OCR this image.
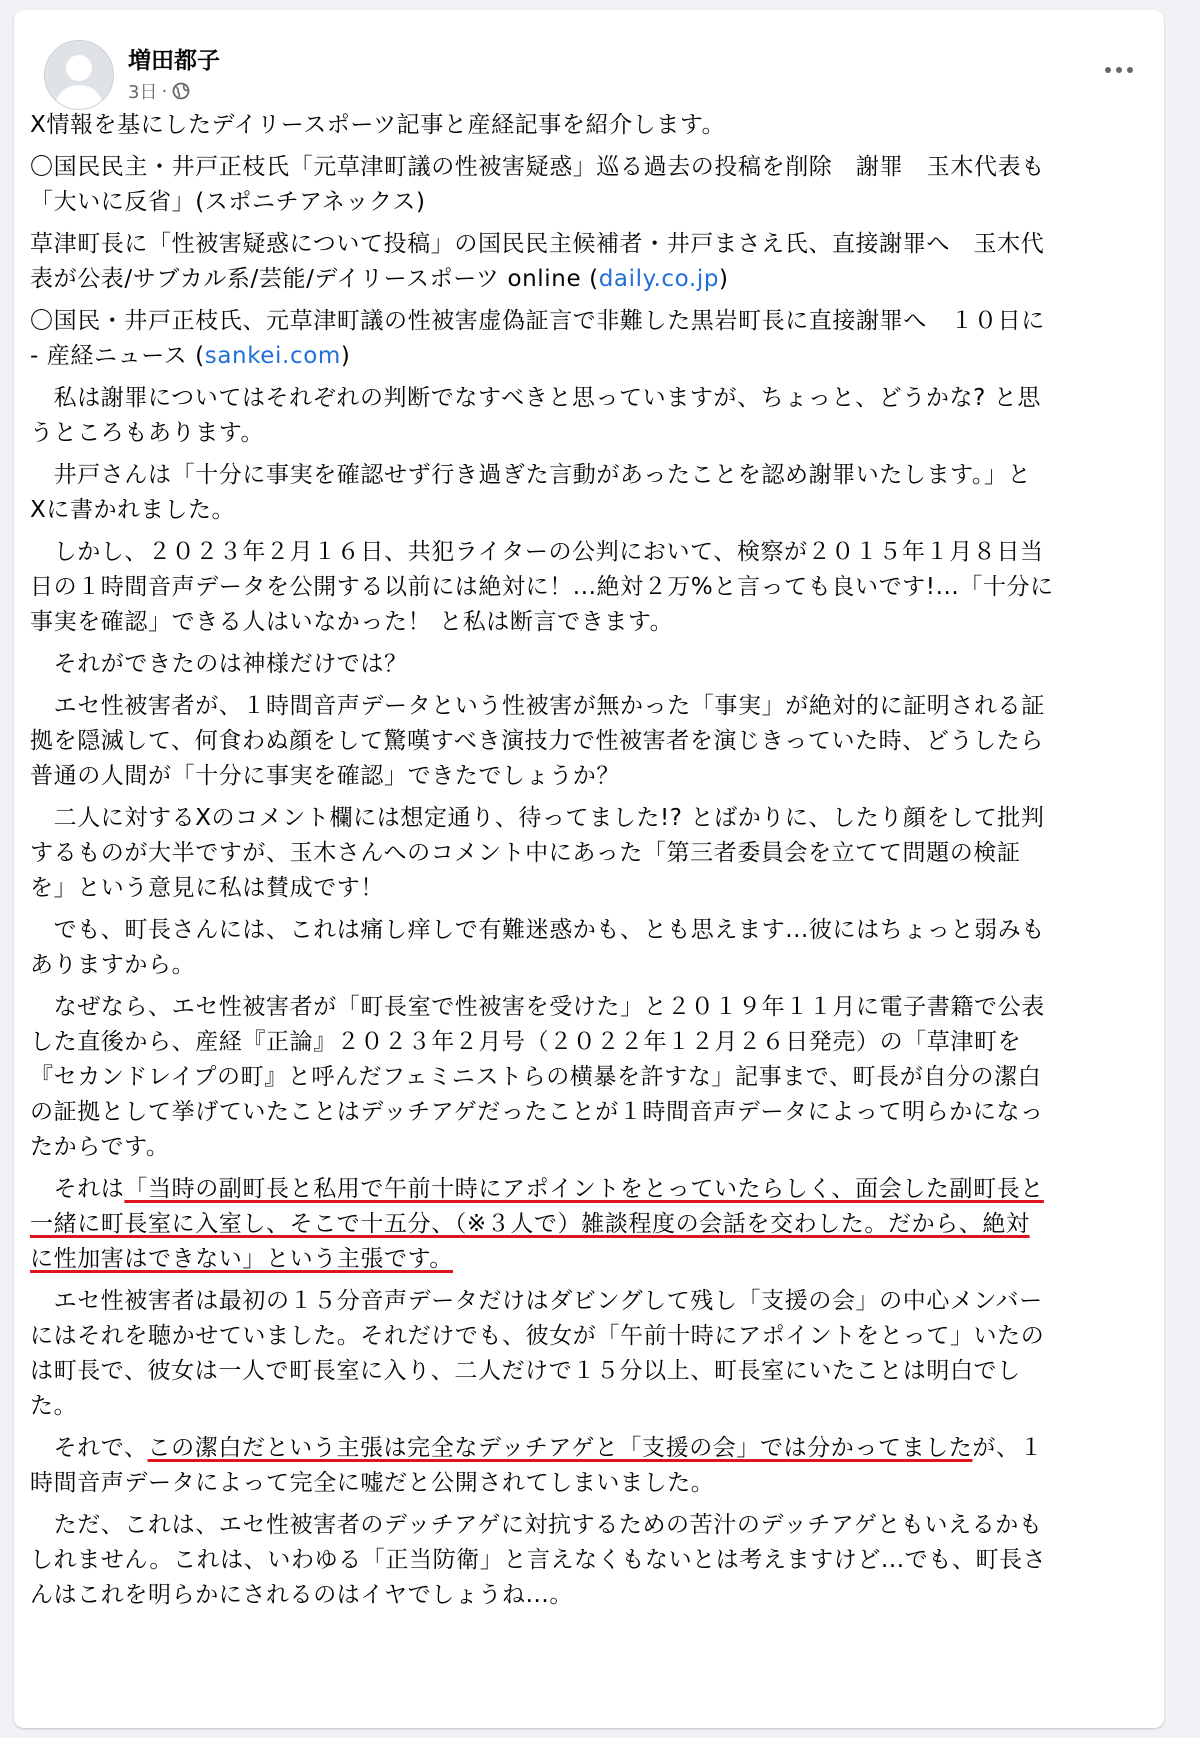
増田都子
3日 ·

X情報を基にしたデイリースポーツ記事と産経記事を紹介します。

〇国民民主・井戸正枝氏「元草津町議の性被害疑惑」巡る過去の投稿を削除　謝罪　玉木代表も
「大いに反省」(スポニチアネックス)

草津町長に「性被害疑惑について投稿」の国民民主候補者・井戸まさえ氏、直接謝罪へ　玉木代
表が公表/サブカル系/芸能/デイリースポーツ online (daily.co.jp)

〇国民・井戸正枝氏、元草津町議の性被害虚偽証言で非難した黒岩町長に直接謝罪へ　１０日に
- 産経ニュース (sankei.com)

　私は謝罪についてはそれぞれの判断でなすべきと思っていますが、ちょっと、どうかな? と思
うところもあります。

　井戸さんは「十分に事実を確認せず行き過ぎた言動があったことを認め謝罪いたします。」と
Xに書かれました。

　しかし、２０２３年２月１６日、共犯ライターの公判において、検察が２０１５年１月８日当
日の１時間音声データを公開する以前には絶対に！...絶対２万%と言っても良いです!...「十分に
事実を確認」できる人はいなかった！ と私は断言できます。

　それができたのは神様だけでは？

　エセ性被害者が、１時間音声データという性被害が無かった「事実」が絶対的に証明される証
拠を隠滅して、何食わぬ顔をして驚嘆すべき演技力で性被害者を演じきっていた時、どうしたら
普通の人間が「十分に事実を確認」できたでしょうか？

　二人に対するXのコメント欄には想定通り、待ってました!? とばかりに、したり顔をして批判
するものが大半ですが、玉木さんへのコメント中にあった「第三者委員会を立てて問題の検証
を」という意見に私は賛成です！

　でも、町長さんには、これは痛し痒しで有難迷惑かも、とも思えます...彼にはちょっと弱みも
ありますから。

　なぜなら、エセ性被害者が「町長室で性被害を受けた」と２０１９年１１月に電子書籍で公表
した直後から、産経『正論』２０２３年２月号（２０２２年１２月２６日発売）の「草津町を
『セカンドレイプの町』と呼んだフェミニストらの横暴を許すな」記事まで、町長が自分の潔白
の証拠として挙げていたことはデッチアゲだったことが１時間音声データによって明らかになっ
たからです。

　それは「当時の副町長と私用で午前十時にアポイントをとっていたらしく、面会した副町長と
一緒に町長室に入室し、そこで十五分、（※３人で）雑談程度の会話を交わした。だから、絶対
に性加害はできない」という主張です。

　エセ性被害者は最初の１５分音声データだけはダビングして残し「支援の会」の中心メンバー
にはそれを聴かせていました。それだけでも、彼女が「午前十時にアポイントをとって」いたの
は町長で、彼女は一人で町長室に入り、二人だけで１５分以上、町長室にいたことは明白でし
た。

　それで、この潔白だという主張は完全なデッチアゲと「支援の会」では分かってましたが、１
時間音声データによって完全に嘘だと公開されてしまいました。

　ただ、これは、エセ性被害者のデッチアゲに対抗するための苦汁のデッチアゲともいえるかも
しれません。これは、いわゆる「正当防衛」と言えなくもないとは考えますけど...でも、町長さ
んはこれを明らかにされるのはイヤでしょうね...。
